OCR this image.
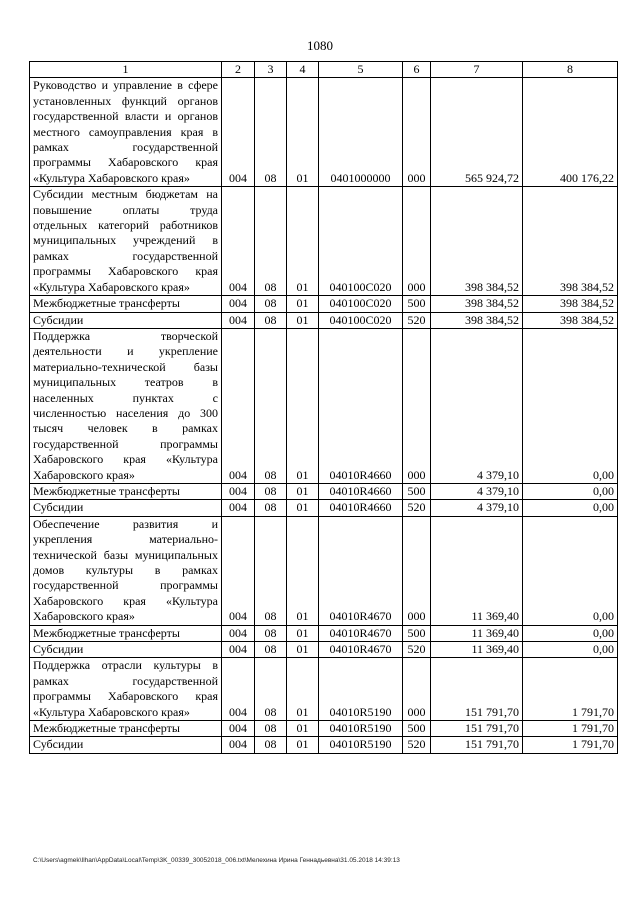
1080
1	2	3	4	5	6	7	8
Руководство и управление в сфере установленных функций органов государственной власти и органов местного самоуправления края в рамках государственной программы Хабаровского края «Культура Хабаровского края»	004	08	01	0401000000	000	565 924,72	400 176,22
Субсидии местным бюджетам на повышение оплаты труда отдельных категорий работников муниципальных учреждений в рамках государственной программы Хабаровского края «Культура Хабаровского края»	004	08	01	040100С020	000	398 384,52	398 384,52
Межбюджетные трансферты	004	08	01	040100С020	500	398 384,52	398 384,52
Субсидии	004	08	01	040100С020	520	398 384,52	398 384,52
Поддержка творческой деятельности и укрепление материально-технической базы муниципальных театров в населенных пунктах с численностью населения до 300 тысяч человек в рамках государственной программы Хабаровского края «Культура Хабаровского края»	004	08	01	04010R4660	000	4 379,10	0,00
Межбюджетные трансферты	004	08	01	04010R4660	500	4 379,10	0,00
Субсидии	004	08	01	04010R4660	520	4 379,10	0,00
Обеспечение развития и укрепления материально-технической базы муниципальных домов культуры в рамках государственной программы Хабаровского края «Культура Хабаровского края»	004	08	01	04010R4670	000	11 369,40	0,00
Межбюджетные трансферты	004	08	01	04010R4670	500	11 369,40	0,00
Субсидии	004	08	01	04010R4670	520	11 369,40	0,00
Поддержка отрасли культуры в рамках государственной программы Хабаровского края «Культура Хабаровского края»	004	08	01	04010R5190	000	151 791,70	1 791,70
Межбюджетные трансферты	004	08	01	04010R5190	500	151 791,70	1 791,70
Субсидии	004	08	01	04010R5190	520	151 791,70	1 791,70
C:\Users\agmek\Ilhan\AppData\Local\Temp\3K_00339_30052018_006.txt\Мелехина Ирина Геннадьевна\31.05.2018 14:39:13
